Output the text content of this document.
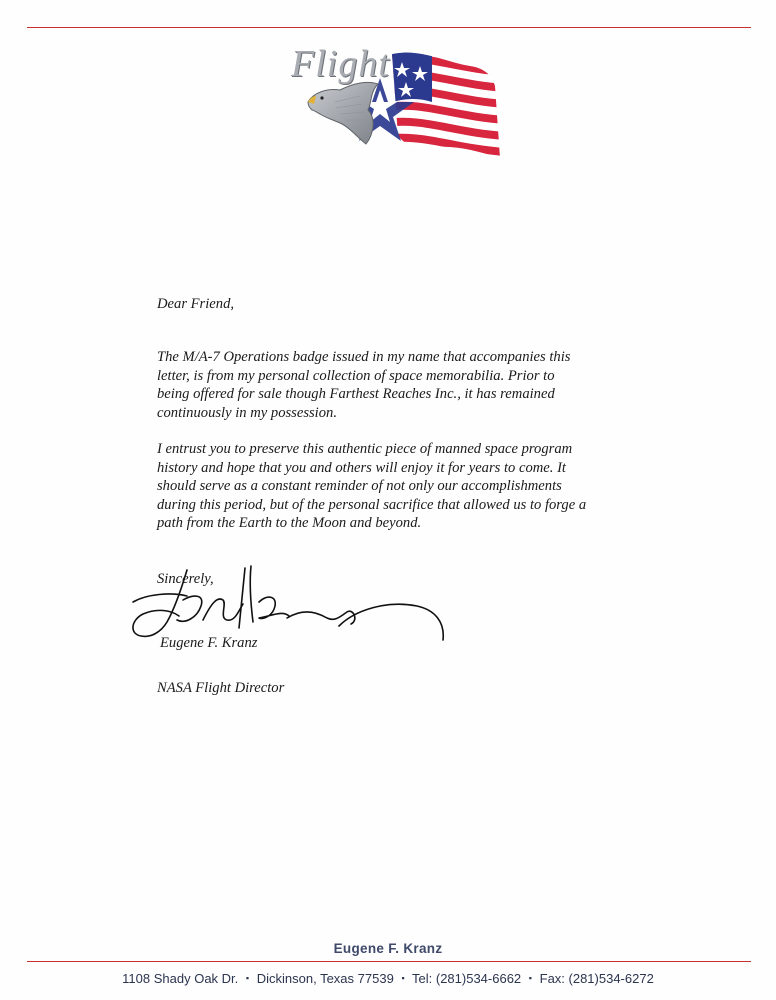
Flight

Dear Friend,

The M/A-7 Operations badge issued in my name that accompanies this
letter, is from my personal collection of space memorabilia. Prior to
being offered for sale though Farthest Reaches Inc., it has remained
continuously in my possession.

I entrust you to preserve this authentic piece of manned space program
history and hope that you and others will enjoy it for years to come. It
should serve as a constant reminder of not only our accomplishments
during this period, but of the personal sacrifice that allowed us to forge a
path from the Earth to the Moon and beyond.

Sincerely,

Eugene F. Kranz

NASA Flight Director

Eugene F. Kranz
1108 Shady Oak Dr. ▪ Dickinson, Texas 77539 ▪ Tel: (281)534-6662 ▪ Fax: (281)534-6272
